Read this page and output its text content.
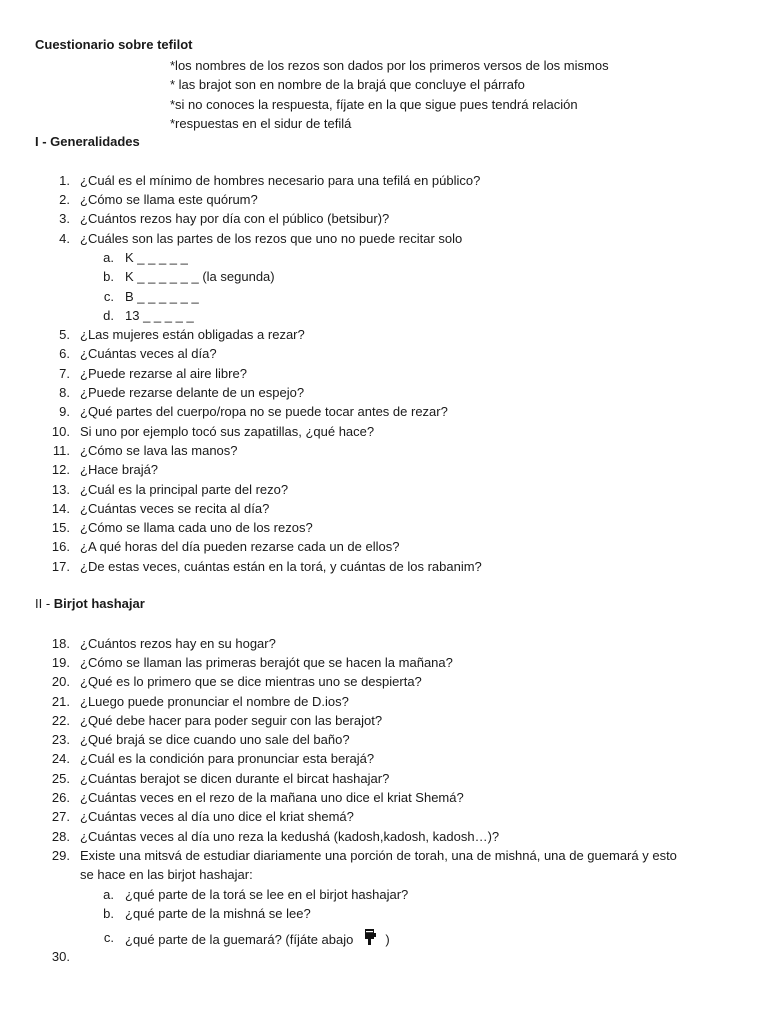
Cuestionario sobre tefilot
*los nombres de los rezos son dados por los primeros versos de los mismos
* las brajot son en nombre de la brajá que concluye el párrafo
*si no conoces la respuesta, fíjate en la que sigue pues tendrá relación
*respuestas en el sidur de tefilá
I - Generalidades
1. ¿Cuál es el mínimo de hombres necesario para una tefilá en público?
2. ¿Cómo se llama este quórum?
3. ¿Cuántos rezos hay por día con el público (betsibur)?
4. ¿Cuáles son las partes de los rezos que uno no puede recitar solo
a. K _ _ _ _ _
b. K _ _ _ _ _ _ (la segunda)
c. B _ _ _ _ _ _
d. 13 _ _ _ _ _
5. ¿Las mujeres están obligadas a rezar?
6. ¿Cuántas veces al día?
7. ¿Puede rezarse al aire libre?
8. ¿Puede rezarse delante de un espejo?
9. ¿Qué partes del cuerpo/ropa no se puede tocar antes de rezar?
10. Si uno por ejemplo tocó sus zapatillas, ¿qué hace?
11. ¿Cómo se lava las manos?
12. ¿Hace brajá?
13. ¿Cuál es la principal parte del rezo?
14. ¿Cuántas veces se recita al día?
15. ¿Cómo se llama cada uno de los rezos?
16. ¿A qué horas del día pueden rezarse cada un de ellos?
17. ¿De estas veces, cuántas están en la torá, y cuántas de los rabanim?
II - Birjot hashajar
18. ¿Cuántos rezos hay en su hogar?
19. ¿Cómo se llaman las primeras berajót que se hacen la mañana?
20. ¿Qué es lo primero que se dice mientras uno se despierta?
21. ¿Luego puede pronunciar el nombre de D.ios?
22. ¿Qué debe hacer para poder seguir con las berajot?
23. ¿Qué brajá se dice cuando uno sale del baño?
24. ¿Cuál es la condición para pronunciar esta berajá?
25. ¿Cuántas berajot se dicen durante el bircat hashajar?
26. ¿Cuántas veces en el rezo de la mañana uno dice el kriat Shemá?
27. ¿Cuántas veces al día uno dice el kriat shemá?
28. ¿Cuántas veces al día uno reza la kedushá (kadosh,kadosh, kadosh…)?
29. Existe una mitsvá de estudiar diariamente una porción de torah, una de mishná, una de guemará y esto
se hace en las birjot hashajar:
a. ¿qué parte de la torá se lee en el birjot hashajar?
b. ¿qué parte de la mishná se lee?
c. ¿qué parte de la guemará? (fíjáte abajo )
30.
